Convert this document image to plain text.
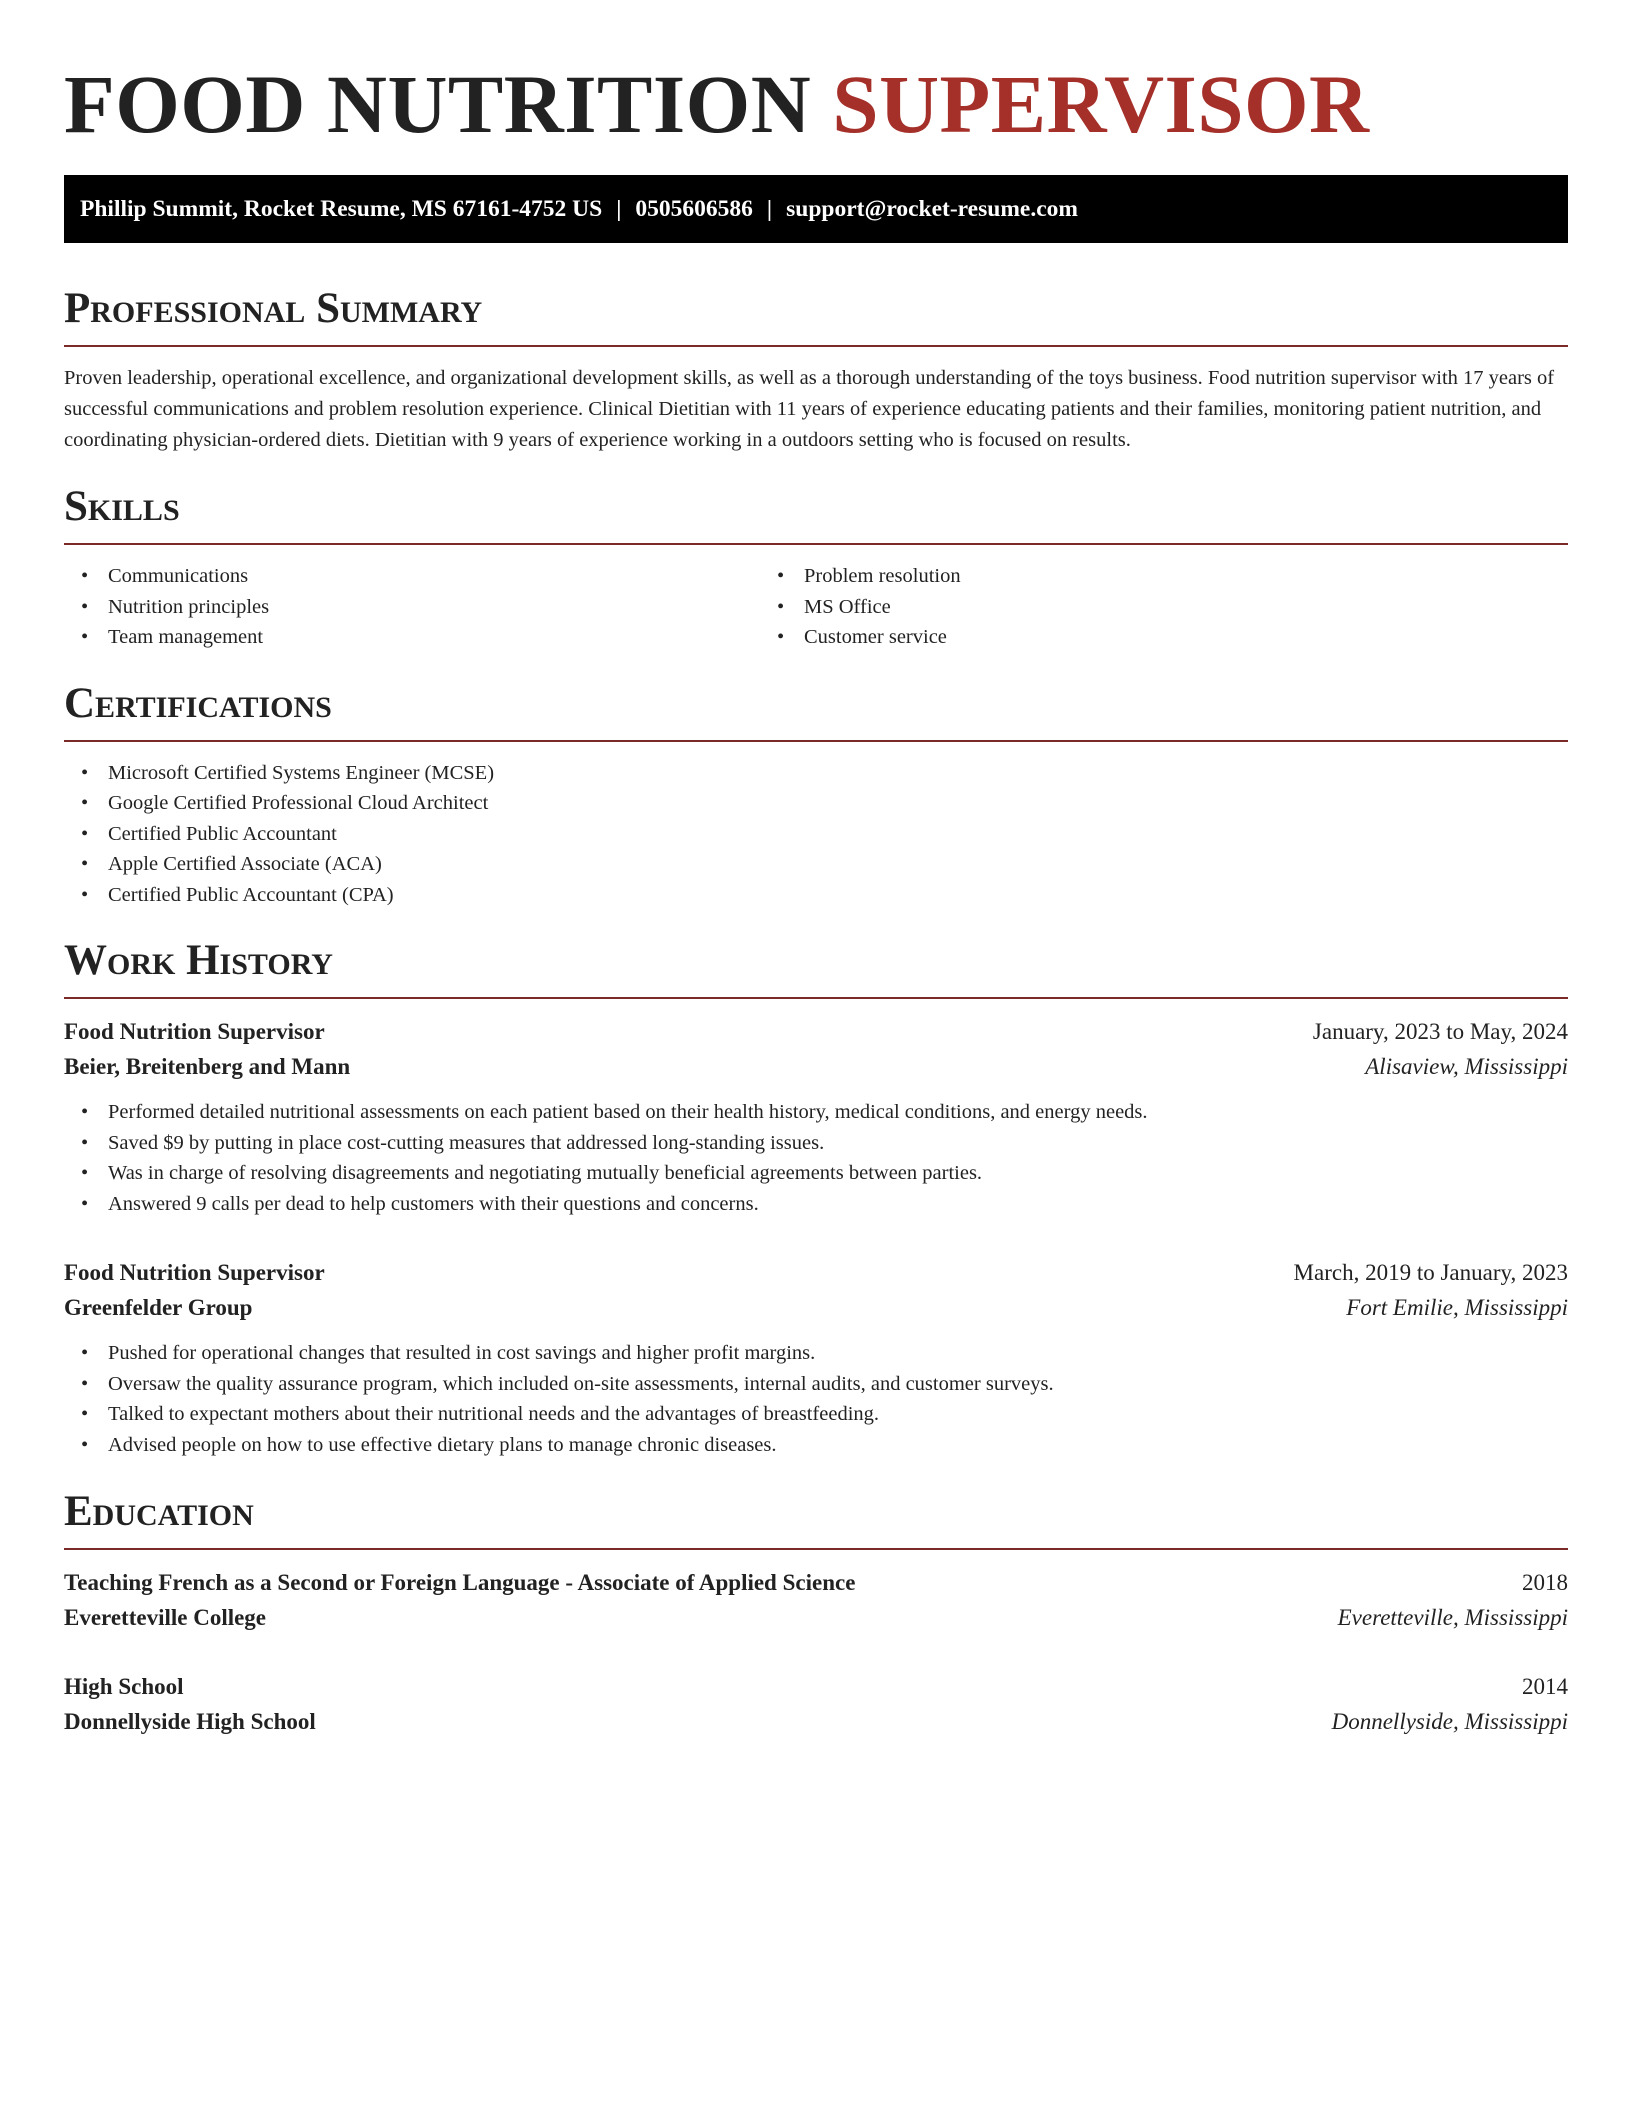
FOOD NUTRITION SUPERVISOR
Phillip Summit, Rocket Resume, MS 67161-4752 US | 0505606586 | support@rocket-resume.com
Professional Summary

Proven leadership, operational excellence, and organizational development skills, as well as a thorough understanding of the toys business. Food nutrition supervisor with 17 years of successful communications and problem resolution experience. Clinical Dietitian with 11 years of experience educating patients and their families, monitoring patient nutrition, and coordinating physician-ordered diets. Dietitian with 9 years of experience working in a outdoors setting who is focused on results.

Skills
• Communications
• Nutrition principles
• Team management
• Problem resolution
• MS Office
• Customer service
Certifications
• Microsoft Certified Systems Engineer (MCSE)
• Google Certified Professional Cloud Architect
• Certified Public Accountant
• Apple Certified Associate (ACA)
• Certified Public Accountant (CPA)
Work History
Food Nutrition Supervisor	January, 2023 to May, 2024
Beier, Breitenberg and Mann	Alisaview, Mississippi
• Performed detailed nutritional assessments on each patient based on their health history, medical conditions, and energy needs.
• Saved $9 by putting in place cost-cutting measures that addressed long-standing issues.
• Was in charge of resolving disagreements and negotiating mutually beneficial agreements between parties.
• Answered 9 calls per dead to help customers with their questions and concerns.
Food Nutrition Supervisor	March, 2019 to January, 2023
Greenfelder Group	Fort Emilie, Mississippi
• Pushed for operational changes that resulted in cost savings and higher profit margins.
• Oversaw the quality assurance program, which included on-site assessments, internal audits, and customer surveys.
• Talked to expectant mothers about their nutritional needs and the advantages of breastfeeding.
• Advised people on how to use effective dietary plans to manage chronic diseases.
Education
Teaching French as a Second or Foreign Language - Associate of Applied Science	2018
Everetteville College	Everetteville, Mississippi
High School	2014
Donnellyside High School	Donnellyside, Mississippi
